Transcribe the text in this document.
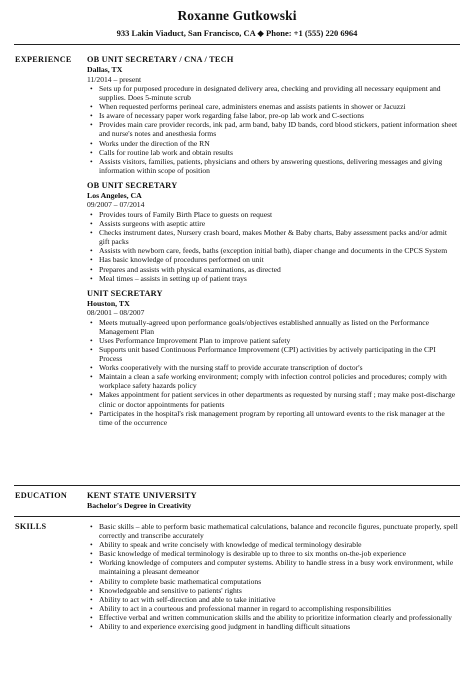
Roxanne Gutkowski
933 Lakin Viaduct, San Francisco, CA ◆ Phone: +1 (555) 220 6964
EXPERIENCE OB UNIT SECRETARY / CNA / TECH
Dallas, TX
11/2014 – present
• Sets up for purposed procedure in designated delivery area, checking and providing all necessary equipment and supplies. Does 5-minute scrub
• When requested performs perineal care, administers enemas and assists patients in shower or Jacuzzi
• Is aware of necessary paper work regarding false labor, pre-op lab work and C-sections
• Provides main care provider records, ink pad, arm band, baby ID bands, cord blood stickers, patient information sheet and nurse's notes and anesthesia forms
• Works under the direction of the RN
• Calls for routine lab work and obtain results
• Assists visitors, families, patients, physicians and others by answering questions, delivering messages and giving information within scope of position
OB UNIT SECRETARY
Los Angeles, CA
09/2007 – 07/2014
• Provides tours of Family Birth Place to guests on request
• Assists surgeons with aseptic attire
• Checks instrument dates, Nursery crash board, makes Mother & Baby charts, Baby assessment packs and/or admit gift packs
• Assists with newborn care, feeds, baths (exception initial bath), diaper change and documents in the CPCS System
• Has basic knowledge of procedures performed on unit
• Prepares and assists with physical examinations, as directed
• Meal times – assists in setting up of patient trays
UNIT SECRETARY
Houston, TX
08/2001 – 08/2007
• Meets mutually-agreed upon performance goals/objectives established annually as listed on the Performance Management Plan
• Uses Performance Improvement Plan to improve patient safety
• Supports unit based Continuous Performance Improvement (CPI) activities by actively participating in the CPI Process
• Works cooperatively with the nursing staff to provide accurate transcription of doctor's
• Maintain a clean a safe working environment; comply with infection control policies and procedures; comply with workplace safety hazards policy
• Makes appointment for patient services in other departments as requested by nursing staff ; may make post-discharge clinic or doctor appointments for patients
• Participates in the hospital's risk management program by reporting all untoward events to the risk manager at the time of the occurrence
EDUCATION KENT STATE UNIVERSITY
Bachelor's Degree in Creativity
SKILLS
•	Basic skills – able to perform basic mathematical calculations, balance and reconcile figures, punctuate properly, spell correctly and transcribe accurately
• Ability to speak and write concisely with knowledge of medical terminology desirable
• Basic knowledge of medical terminology is desirable up to three to six months on-the-job experience
• Working knowledge of computers and computer systems. Ability to handle stress in a busy work environment, while maintaining a pleasant demeanor
• Ability to complete basic mathematical computations
• Knowledgeable and sensitive to patients' rights
• Ability to act with self-direction and able to take initiative
• Ability to act in a courteous and professional manner in regard to accomplishing responsibilities
• Effective verbal and written communication skills and the ability to prioritize information clearly and professionally
• Ability to and experience exercising good judgment in handling difficult situations
